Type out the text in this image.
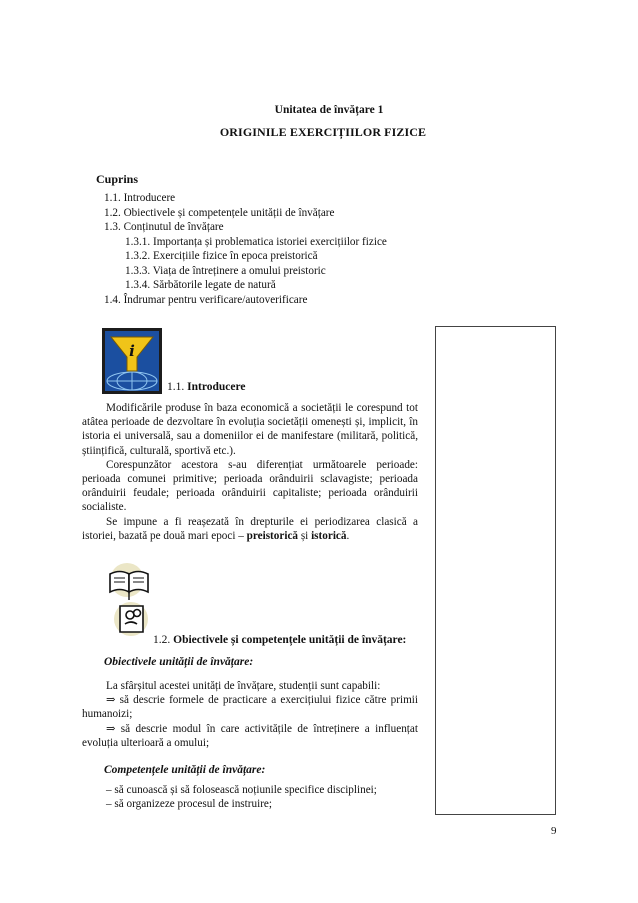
Unitatea de învățare 1
ORIGINILE EXERCIȚIILOR FIZICE
Cuprins
1.1. Introducere
1.2. Obiectivele și competențele unității de învățare
1.3. Conținutul de învățare
1.3.1. Importanța și problematica istoriei exercițiilor fizice
1.3.2. Exercițiile fizice în epoca preistorică
1.3.3. Viața de întreținere a omului preistoric
1.3.4. Sărbătorile legate de natură
1.4. Îndrumar pentru verificare/autoverificare
i
1.1. Introducere

Modificările produse în baza economică a societății le corespund tot atâtea perioade de dezvoltare în evoluția societății omenești și, implicit, în istoria ei universală, sau a domeniilor ei de manifestare (militară, politică, științifică, culturală, sportivă etc.).

Corespunzător acestora s-au diferențiat următoarele perioade: perioada comunei primitive; perioada orânduirii sclavagiste; perioada orânduirii feudale; perioada orânduirii capitaliste; perioada orânduirii socialiste.

Se impune a fi reașezată în drepturile ei periodizarea clasică a istoriei, bazată pe două mari epoci – preistorică și istorică.

1.2. Obiectivele și competențele unității de învățare:
Obiectivele unității de învățare:

La sfârșitul acestei unități de învățare, studenții sunt capabili:

⇒ să descrie formele de practicare a exercițiului fizice către primii humanoizi;

⇒ să descrie modul în care activitățile de întreținere a influențat evoluția ulterioară a omului;

Competențele unității de învățare:

– să cunoască și să folosească noțiunile specifice disciplinei;

– să organizeze procesul de instruire;

9
